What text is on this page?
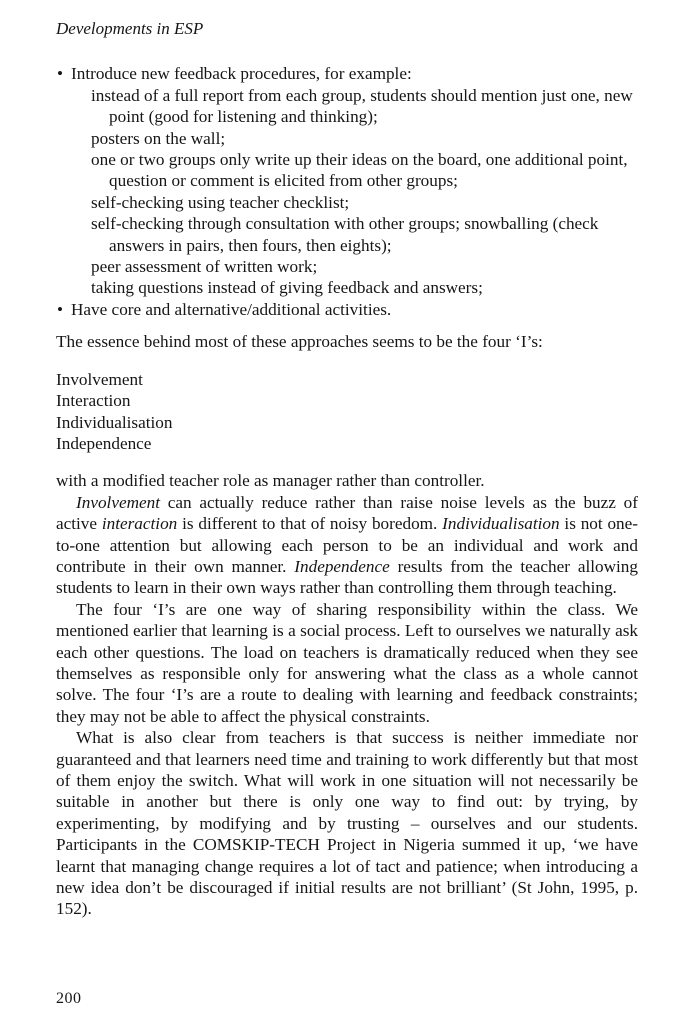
Developments in ESP
• Introduce new feedback procedures, for example:
instead of a full report from each group, students should mention just one, new point (good for listening and thinking);
posters on the wall;
one or two groups only write up their ideas on the board, one additional point, question or comment is elicited from other groups;
self-checking using teacher checklist;
self-checking through consultation with other groups; snowballing (check answers in pairs, then fours, then eights);
peer assessment of written work;
taking questions instead of giving feedback and answers;
• Have core and alternative/additional activities.

The essence behind most of these approaches seems to be the four ‘I’s:

Involvement
Interaction
Individualisation
Independence

with a modified teacher role as manager rather than controller.

Involvement can actually reduce rather than raise noise levels as the buzz of active interaction is different to that of noisy boredom. Individualisation is not one-to-one attention but allowing each person to be an individual and work and contribute in their own manner. Independence results from the teacher allowing students to learn in their own ways rather than controlling them through teaching.

The four ‘I’s are one way of sharing responsibility within the class. We mentioned earlier that learning is a social process. Left to ourselves we naturally ask each other questions. The load on teachers is dramatically reduced when they see themselves as responsible only for answering what the class as a whole cannot solve. The four ‘I’s are a route to dealing with learning and feedback constraints; they may not be able to affect the physical constraints.

What is also clear from teachers is that success is neither immediate nor guaranteed and that learners need time and training to work differently but that most of them enjoy the switch. What will work in one situation will not necessarily be suitable in another but there is only one way to find out: by trying, by experimenting, by modifying and by trusting – ourselves and our students. Participants in the COMSKIP-TECH Project in Nigeria summed it up, ‘we have learnt that managing change requires a lot of tact and patience; when introducing a new idea don’t be discouraged if initial results are not brilliant’ (St John, 1995, p. 152).

200
